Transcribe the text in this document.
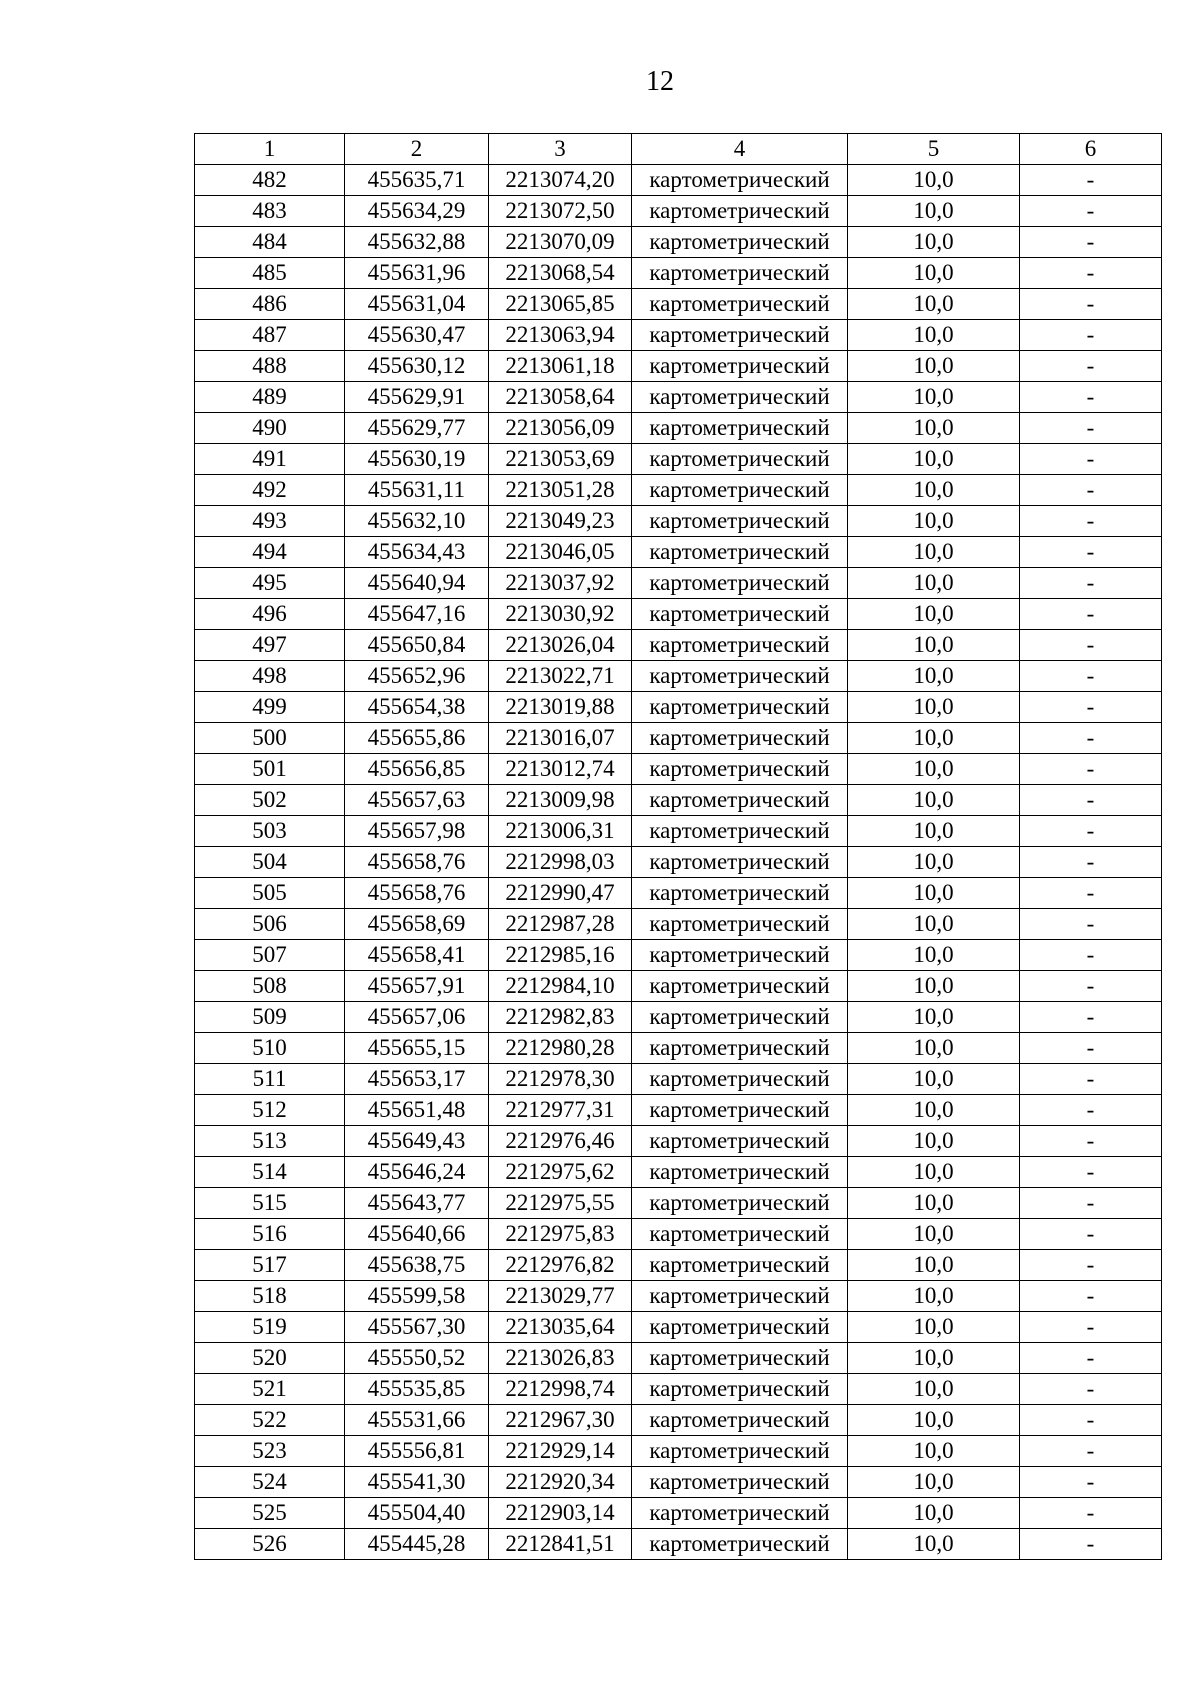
12
1	2	3	4	5	6
482	455635,71	2213074,20	картометрический	10,0	-
483	455634,29	2213072,50	картометрический	10,0	-
484	455632,88	2213070,09	картометрический	10,0	-
485	455631,96	2213068,54	картометрический	10,0	-
486	455631,04	2213065,85	картометрический	10,0	-
487	455630,47	2213063,94	картометрический	10,0	-
488	455630,12	2213061,18	картометрический	10,0	-
489	455629,91	2213058,64	картометрический	10,0	-
490	455629,77	2213056,09	картометрический	10,0	-
491	455630,19	2213053,69	картометрический	10,0	-
492	455631,11	2213051,28	картометрический	10,0	-
493	455632,10	2213049,23	картометрический	10,0	-
494	455634,43	2213046,05	картометрический	10,0	-
495	455640,94	2213037,92	картометрический	10,0	-
496	455647,16	2213030,92	картометрический	10,0	-
497	455650,84	2213026,04	картометрический	10,0	-
498	455652,96	2213022,71	картометрический	10,0	-
499	455654,38	2213019,88	картометрический	10,0	-
500	455655,86	2213016,07	картометрический	10,0	-
501	455656,85	2213012,74	картометрический	10,0	-
502	455657,63	2213009,98	картометрический	10,0	-
503	455657,98	2213006,31	картометрический	10,0	-
504	455658,76	2212998,03	картометрический	10,0	-
505	455658,76	2212990,47	картометрический	10,0	-
506	455658,69	2212987,28	картометрический	10,0	-
507	455658,41	2212985,16	картометрический	10,0	-
508	455657,91	2212984,10	картометрический	10,0	-
509	455657,06	2212982,83	картометрический	10,0	-
510	455655,15	2212980,28	картометрический	10,0	-
511	455653,17	2212978,30	картометрический	10,0	-
512	455651,48	2212977,31	картометрический	10,0	-
513	455649,43	2212976,46	картометрический	10,0	-
514	455646,24	2212975,62	картометрический	10,0	-
515	455643,77	2212975,55	картометрический	10,0	-
516	455640,66	2212975,83	картометрический	10,0	-
517	455638,75	2212976,82	картометрический	10,0	-
518	455599,58	2213029,77	картометрический	10,0	-
519	455567,30	2213035,64	картометрический	10,0	-
520	455550,52	2213026,83	картометрический	10,0	-
521	455535,85	2212998,74	картометрический	10,0	-
522	455531,66	2212967,30	картометрический	10,0	-
523	455556,81	2212929,14	картометрический	10,0	-
524	455541,30	2212920,34	картометрический	10,0	-
525	455504,40	2212903,14	картометрический	10,0	-
526	455445,28	2212841,51	картометрический	10,0	-
